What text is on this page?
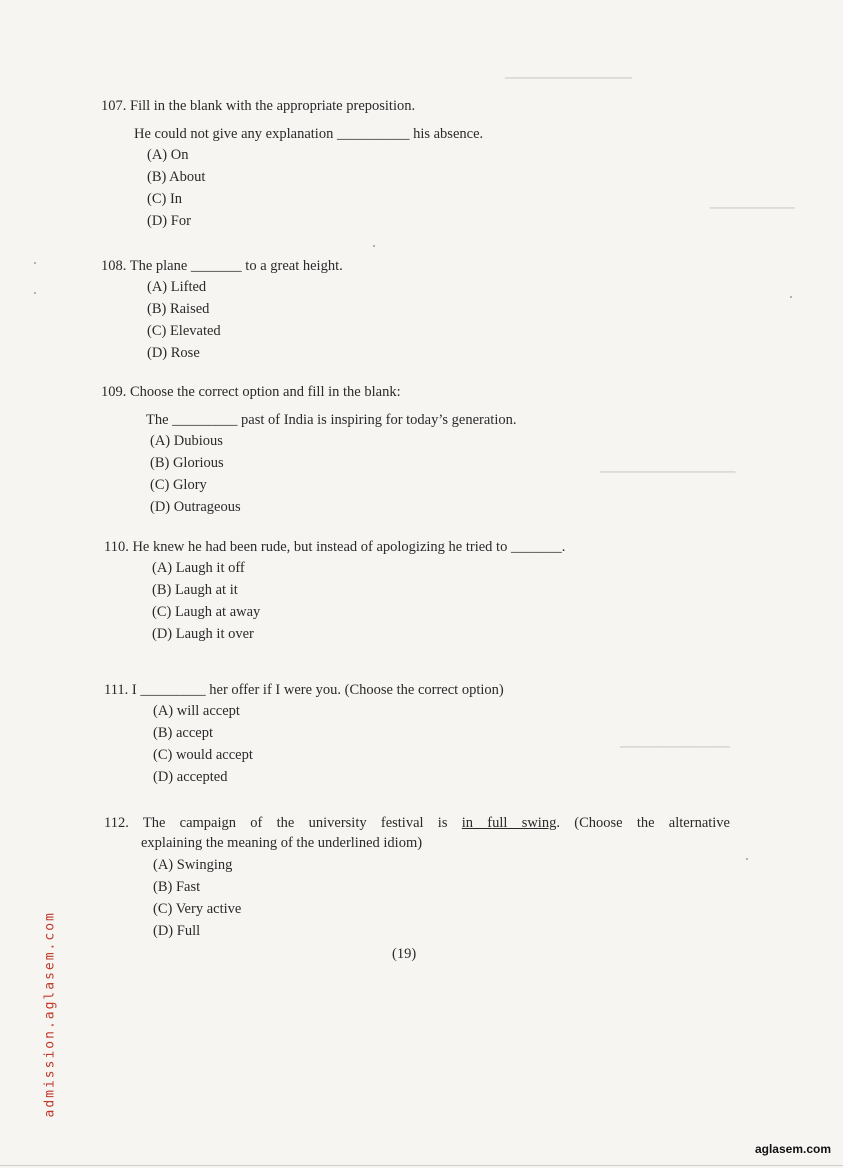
▁▁▁▁▁▁▁▁▁▁▁▁▁▁▁
▁▁▁▁▁▁▁▁▁▁
▁▁▁▁▁▁▁▁▁▁▁▁▁▁▁▁
▁▁▁▁▁▁▁▁▁▁▁▁▁
107. Fill in the blank with the appropriate preposition.
He could not give any explanation __________ his absence.
(A) On
(B) About
(C) In
(D) For
108. The plane _______ to a great height.
(A) Lifted
(B) Raised
(C) Elevated
(D) Rose
109. Choose the correct option and fill in the blank:
The _________ past of India is inspiring for today’s generation.
(A) Dubious
(B) Glorious
(C) Glory
(D) Outrageous
110. He knew he had been rude, but instead of apologizing he tried to _______.
(A) Laugh it off
(B) Laugh at it
(C) Laugh at away
(D) Laugh it over
111. I _________ her offer if I were you. (Choose the correct option)
(A) will accept
(B) accept
(C) would accept
(D) accepted
112. The campaign of the university festival is in full swing. (Choose the alternative
explaining the meaning of the underlined idiom)
(A) Swinging
(B) Fast
(C) Very active
(D) Full
(19)
admission.aglasem.com
aglasem.com
